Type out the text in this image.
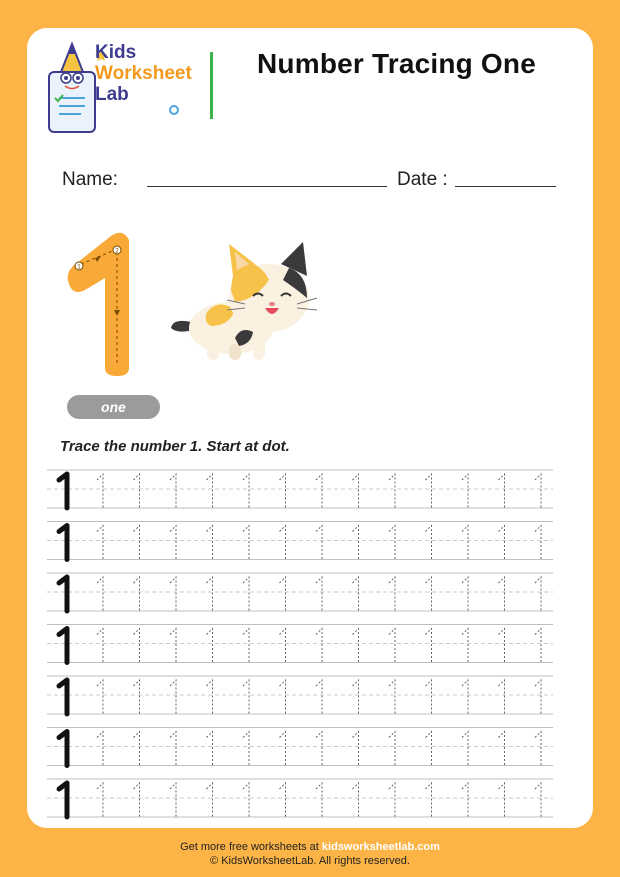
Kids
Worksheet
Lab
Number Tracing One
Name:	Date :
1
2
one
Trace the number 1. Start at dot.
Get more free worksheets at kidsworksheetlab.com
© KidsWorksheetLab. All rights reserved.
